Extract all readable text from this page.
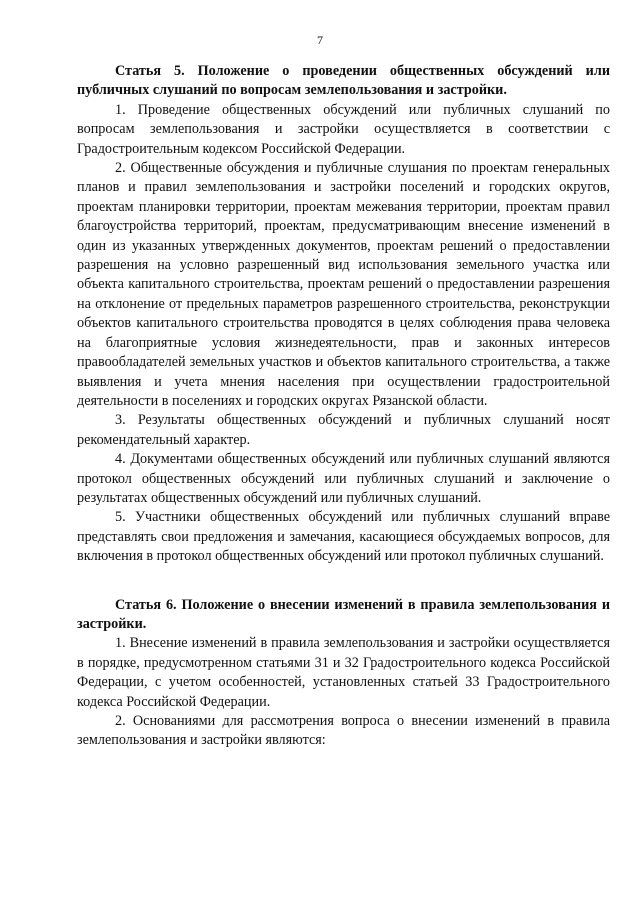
7

Статья 5. Положение о проведении общественных обсуждений или публичных слушаний по вопросам землепользования и застройки.

1. Проведение общественных обсуждений или публичных слушаний по вопросам землепользования и застройки осуществляется в соответствии с Градостроительным кодексом Российской Федерации.

2. Общественные обсуждения и публичные слушания по проектам генеральных планов и правил землепользования и застройки поселений и городских округов, проектам планировки территории, проектам межевания территории, проектам правил благоустройства территорий, проектам, предусматривающим внесение изменений в один из указанных утвержденных документов, проектам решений о предоставлении разрешения на условно разрешенный вид использования земельного участка или объекта капитального строительства, проектам решений о предоставлении разрешения на отклонение от предельных параметров разрешенного строительства, реконструкции объектов капитального строительства проводятся в целях соблюдения права человека на благоприятные условия жизнедеятельности, прав и законных интересов правообладателей земельных участков и объектов капитального строительства, а также выявления и учета мнения населения при осуществлении градостроительной деятельности в поселениях и городских округах Рязанской области.

3. Результаты общественных обсуждений и публичных слушаний носят рекомендательный характер.

4. Документами общественных обсуждений или публичных слушаний являются протокол общественных обсуждений или публичных слушаний и заключение о результатах общественных обсуждений или публичных слушаний.

5. Участники общественных обсуждений или публичных слушаний вправе представлять свои предложения и замечания, касающиеся обсуждаемых вопросов, для включения в протокол общественных обсуждений или протокол публичных слушаний.

Статья 6. Положение о внесении изменений в правила землепользования и застройки.

1. Внесение изменений в правила землепользования и застройки осуществляется в порядке, предусмотренном статьями 31 и 32 Градостроительного кодекса Российской Федерации, с учетом особенностей, установленных статьей 33 Градостроительного кодекса Российской Федерации.

2. Основаниями для рассмотрения вопроса о внесении изменений в правила землепользования и застройки являются:
